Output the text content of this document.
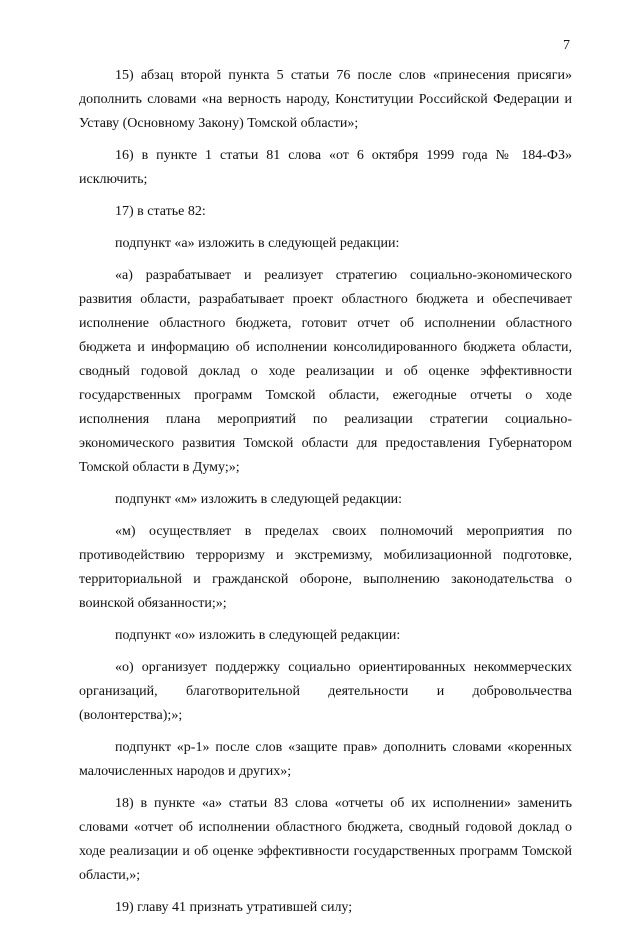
7

15) абзац второй пункта 5 статьи 76 после слов «принесения присяги» дополнить словами «на верность народу, Конституции Российской Федерации и Уставу (Основному Закону) Томской области»;

16) в пункте 1 статьи 81 слова «от 6 октября 1999 года № 184-ФЗ» исключить;

17) в статье 82:

подпункт «а» изложить в следующей редакции:

«а) разрабатывает и реализует стратегию социально-экономического развития области, разрабатывает проект областного бюджета и обеспечивает исполнение областного бюджета, готовит отчет об исполнении областного бюджета и информацию об исполнении консолидированного бюджета области, сводный годовой доклад о ходе реализации и об оценке эффективности государственных программ Томской области, ежегодные отчеты о ходе исполнения плана мероприятий по реализации стратегии социально-экономического развития Томской области для предоставления Губернатором Томской области в Думу;»;

подпункт «м» изложить в следующей редакции:

«м) осуществляет в пределах своих полномочий мероприятия по противодействию терроризму и экстремизму, мобилизационной подготовке, территориальной и гражданской обороне, выполнению законодательства о воинской обязанности;»;

подпункт «о» изложить в следующей редакции:

«о) организует поддержку социально ориентированных некоммерческих организаций, благотворительной деятельности и добровольчества (волонтерства);»;

подпункт «р-1» после слов «защите прав» дополнить словами «коренных малочисленных народов и других»;

18) в пункте «а» статьи 83 слова «отчеты об их исполнении» заменить словами «отчет об исполнении областного бюджета, сводный годовой доклад о ходе реализации и об оценке эффективности государственных программ Томской области,»;

19) главу 41 признать утратившей силу;
